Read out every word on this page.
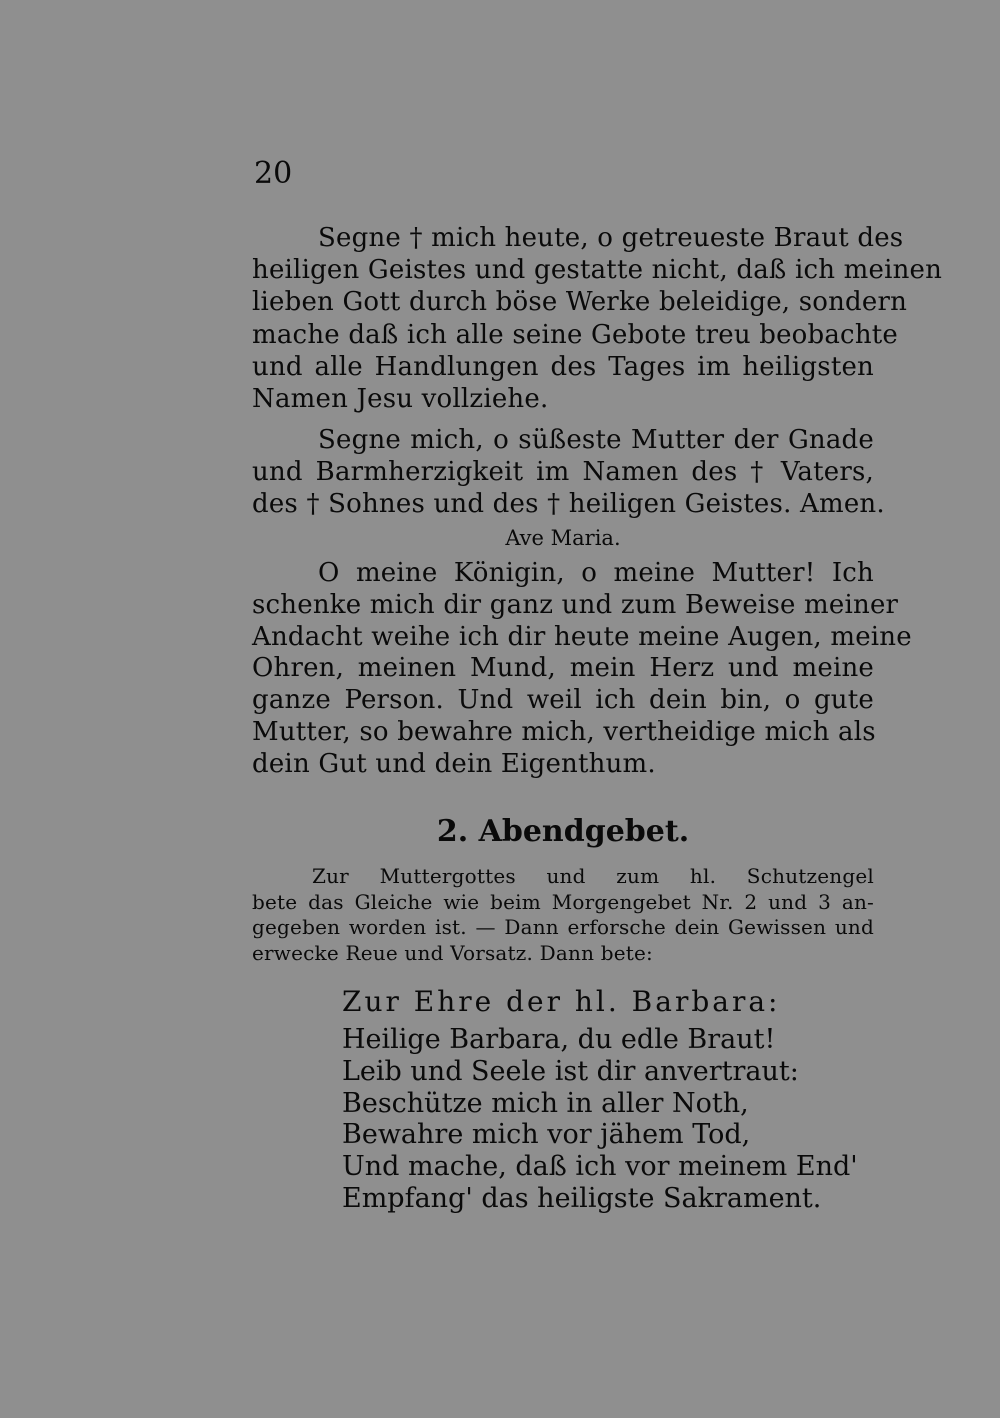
20
Segne † mich heute, o getreueste Braut des
heiligen Geistes und gestatte nicht, daß ich meinen
lieben Gott durch böse Werke beleidige, sondern
mache daß ich alle seine Gebote treu beobachte
und alle Handlungen des Tages im heiligsten
Namen Jesu vollziehe.
Segne mich, o süßeste Mutter der Gnade
und Barmherzigkeit im Namen des † Vaters,
des † Sohnes und des † heiligen Geistes. Amen.
Ave Maria.
O meine Königin, o meine Mutter! Ich
schenke mich dir ganz und zum Beweise meiner
Andacht weihe ich dir heute meine Augen, meine
Ohren, meinen Mund, mein Herz und meine
ganze Person. Und weil ich dein bin, o gute
Mutter, so bewahre mich, vertheidige mich als
dein Gut und dein Eigenthum.
2. Abendgebet.
Zur Muttergottes und zum hl. Schutzengel
bete das Gleiche wie beim Morgengebet Nr. 2 und 3 an-
gegeben worden ist. — Dann erforsche dein Gewissen und
erwecke Reue und Vorsatz. Dann bete:
Zur Ehre der hl. Barbara:
Heilige Barbara, du edle Braut!
Leib und Seele ist dir anvertraut:
Beschütze mich in aller Noth,
Bewahre mich vor jähem Tod,
Und mache, daß ich vor meinem End'
Empfang' das heiligste Sakrament.
